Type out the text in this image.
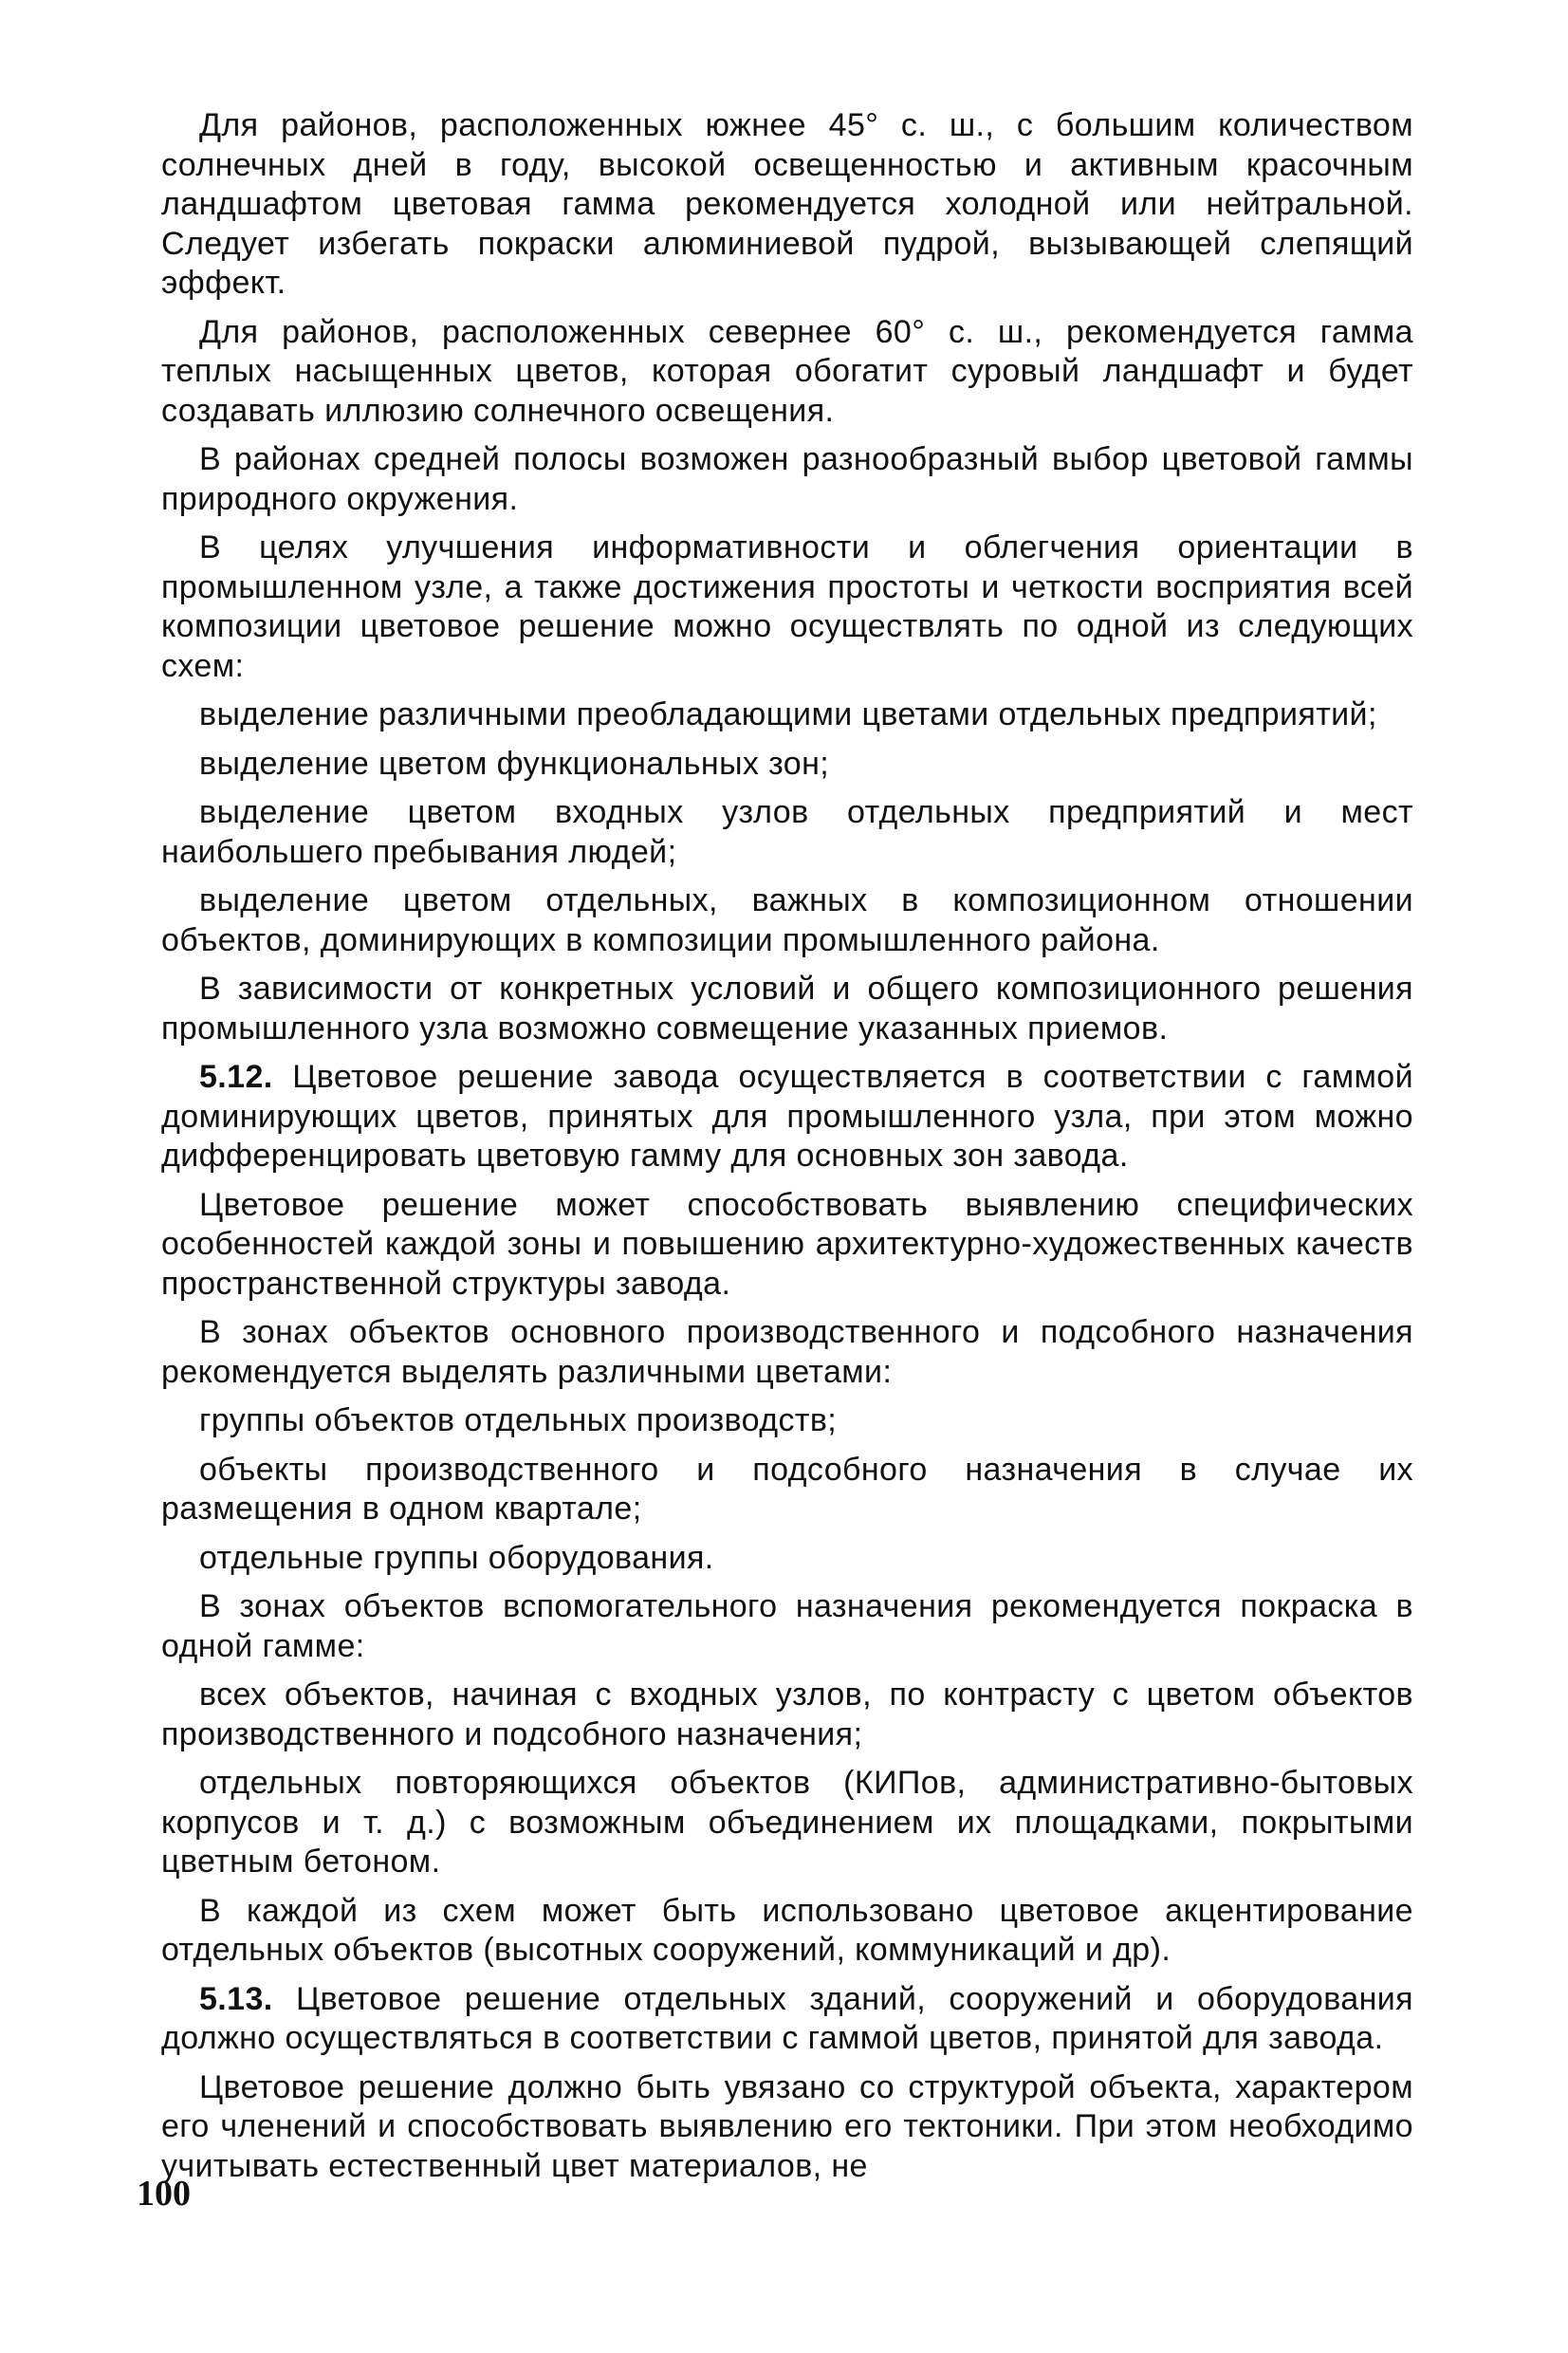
Для районов, расположенных южнее 45° с. ш., с большим количеством солнечных дней в году, высокой освещенностью и активным красочным ландшафтом цветовая гамма рекомендуется холодной или нейтральной. Следует избегать покраски алюминиевой пудрой, вызывающей слепящий эффект.

Для районов, расположенных севернее 60° с. ш., рекомендуется гамма теплых насыщенных цветов, которая обогатит суровый ландшафт и будет создавать иллюзию солнечного освещения.

В районах средней полосы возможен разнообразный выбор цветовой гаммы природного окружения.

В целях улучшения информативности и облегчения ориентации в промышленном узле, а также достижения простоты и четкости восприятия всей композиции цветовое решение можно осуществлять по одной из следующих схем:

выделение различными преобладающими цветами отдельных предприятий;

выделение цветом функциональных зон;

выделение цветом входных узлов отдельных предприятий и мест наибольшего пребывания людей;

выделение цветом отдельных, важных в композиционном отношении объектов, доминирующих в композиции промышленного района.

В зависимости от конкретных условий и общего композиционного решения промышленного узла возможно совмещение указанных приемов.

5.12. Цветовое решение завода осуществляется в соответствии с гаммой доминирующих цветов, принятых для промышленного узла, при этом можно дифференцировать цветовую гамму для основных зон завода.

Цветовое решение может способствовать выявлению специфических особенностей каждой зоны и повышению архитектурно-художественных качеств пространственной структуры завода.

В зонах объектов основного производственного и подсобного назначения рекомендуется выделять различными цветами:

группы объектов отдельных производств;

объекты производственного и подсобного назначения в случае их размещения в одном квартале;

отдельные группы оборудования.

В зонах объектов вспомогательного назначения рекомендуется покраска в одной гамме:

всех объектов, начиная с входных узлов, по контрасту с цветом объектов производственного и подсобного назначения;

отдельных повторяющихся объектов (КИПов, административно-бытовых корпусов и т. д.) с возможным объединением их площадками, покрытыми цветным бетоном.

В каждой из схем может быть использовано цветовое акцентирование отдельных объектов (высотных сооружений, коммуникаций и др).

5.13. Цветовое решение отдельных зданий, сооружений и оборудования должно осуществляться в соответствии с гаммой цветов, принятой для завода.

Цветовое решение должно быть увязано со структурой объекта, характером его членений и способствовать выявлению его тектоники. При этом необходимо учитывать естественный цвет материалов, не

100
